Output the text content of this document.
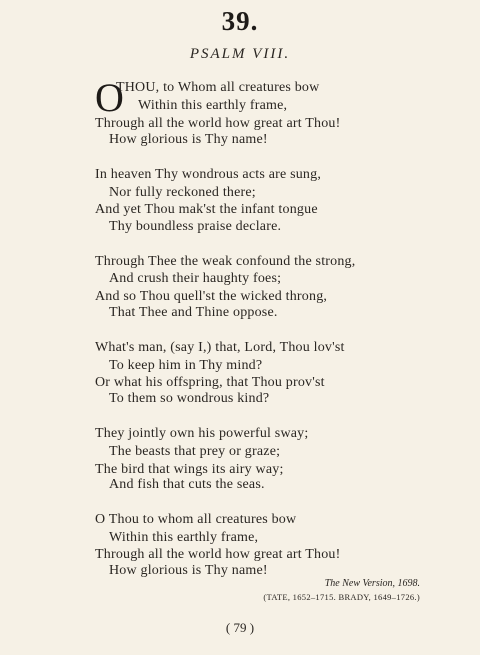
39.
PSALM VIII.
O
THOU, to Whom all creatures bow
Within this earthly frame,
Through all the world how great art Thou!
How glorious is Thy name!
In heaven Thy wondrous acts are sung,
Nor fully reckoned there;
And yet Thou mak'st the infant tongue
Thy boundless praise declare.
Through Thee the weak confound the strong,
And crush their haughty foes;
And so Thou quell'st the wicked throng,
That Thee and Thine oppose.
What's man, (say I,) that, Lord, Thou lov'st
To keep him in Thy mind?
Or what his offspring, that Thou prov'st
To them so wondrous kind?
They jointly own his powerful sway;
The beasts that prey or graze;
The bird that wings its airy way;
And fish that cuts the seas.
O Thou to whom all creatures bow
Within this earthly frame,
Through all the world how great art Thou!
How glorious is Thy name!
The New Version, 1698.
(TATE, 1652–1715. BRADY, 1649–1726.)
( 79 )
